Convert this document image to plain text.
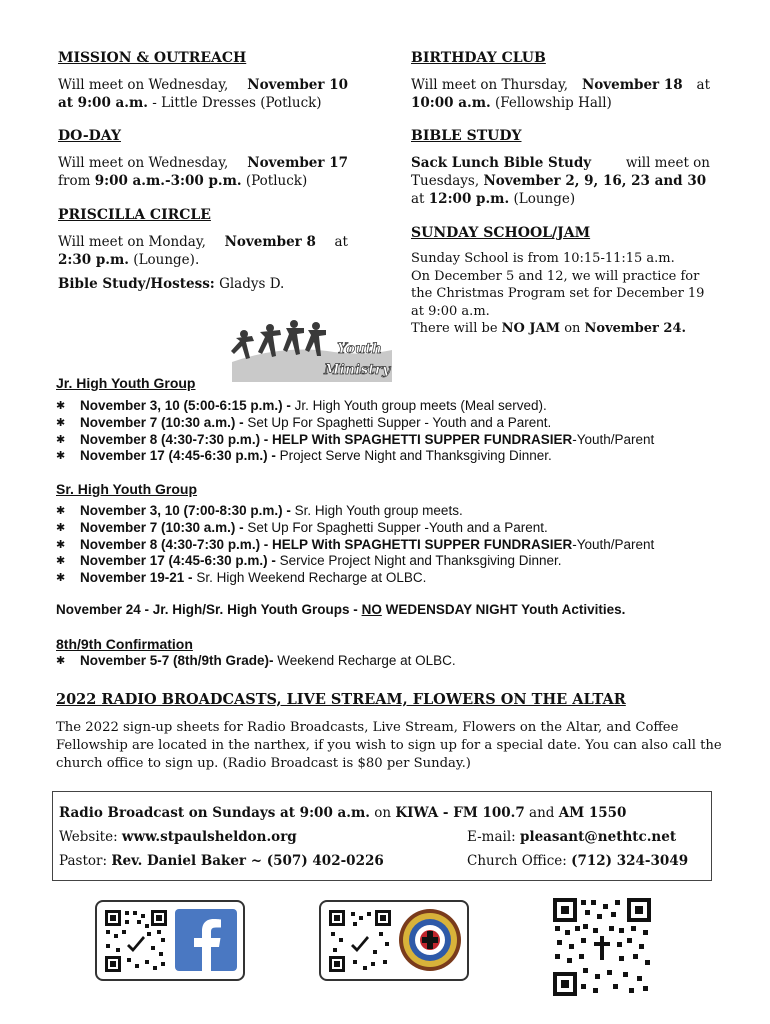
MISSION & OUTREACH
Will meet on Wednesday, November 10
at 9:00 a.m. - Little Dresses (Potluck)
DO-DAY
Will meet on Wednesday, November 17
from 9:00 a.m.-3:00 p.m. (Potluck)
PRISCILLA CIRCLE
Will meet on Monday, November 8 at
2:30 p.m. (Lounge).
Bible Study/Hostess: Gladys D.
BIRTHDAY CLUB
Will meet on Thursday, November 18 at
10:00 a.m. (Fellowship Hall)
BIBLE STUDY
Sack Lunch Bible Study	will meet on
Tuesdays, November 2, 9, 16, 23 and 30
at 12:00 p.m. (Lounge)
SUNDAY SCHOOL/JAM
Sunday School is from 10:15-11:15 a.m.
On December 5 and 12, we will practice for
the Christmas Program set for December 19
at 9:00 a.m.
There will be NO JAM on November 24.
Youth
Ministry
Jr. High Youth Group
✱ November 3, 10 (5:00-6:15 p.m.) - Jr. High Youth group meets (Meal served).
✱ November 7 (10:30 a.m.) - Set Up For Spaghetti Supper - Youth and a Parent.
✱ November 8 (4:30-7:30 p.m.) - HELP With SPAGHETTI SUPPER FUNDRASIER-Youth/Parent
✱ November 17 (4:45-6:30 p.m.) - Project Serve Night and Thanksgiving Dinner.
Sr. High Youth Group
✱ November 3, 10 (7:00-8:30 p.m.) - Sr. High Youth group meets.
✱ November 7 (10:30 a.m.) - Set Up For Spaghetti Supper -Youth and a Parent.
✱ November 8 (4:30-7:30 p.m.) - HELP With SPAGHETTI SUPPER FUNDRASIER-Youth/Parent
✱ November 17 (4:45-6:30 p.m.) - Service Project Night and Thanksgiving Dinner.
✱ November 19-21 - Sr. High Weekend Recharge at OLBC.
November 24 - Jr. High/Sr. High Youth Groups - NO WEDENSDAY NIGHT Youth Activities.
8th/9th Confirmation
✱ November 5-7 (8th/9th Grade)- Weekend Recharge at OLBC.
2022 RADIO BROADCASTS, LIVE STREAM, FLOWERS ON THE ALTAR
The 2022 sign-up sheets for Radio Broadcasts, Live Stream, Flowers on the Altar, and Coffee
Fellowship are located in the narthex, if you wish to sign up for a special date. You can also call the
church office to sign up. (Radio Broadcast is $80 per Sunday.)
Radio Broadcast on Sundays at 9:00 a.m. on KIWA - FM 100.7 and AM 1550
Website: www.stpaulsheldon.org	E-mail: pleasant@nethtc.net
Pastor: Rev. Daniel Baker ~ (507) 402-0226	Church Office: (712) 324-3049
